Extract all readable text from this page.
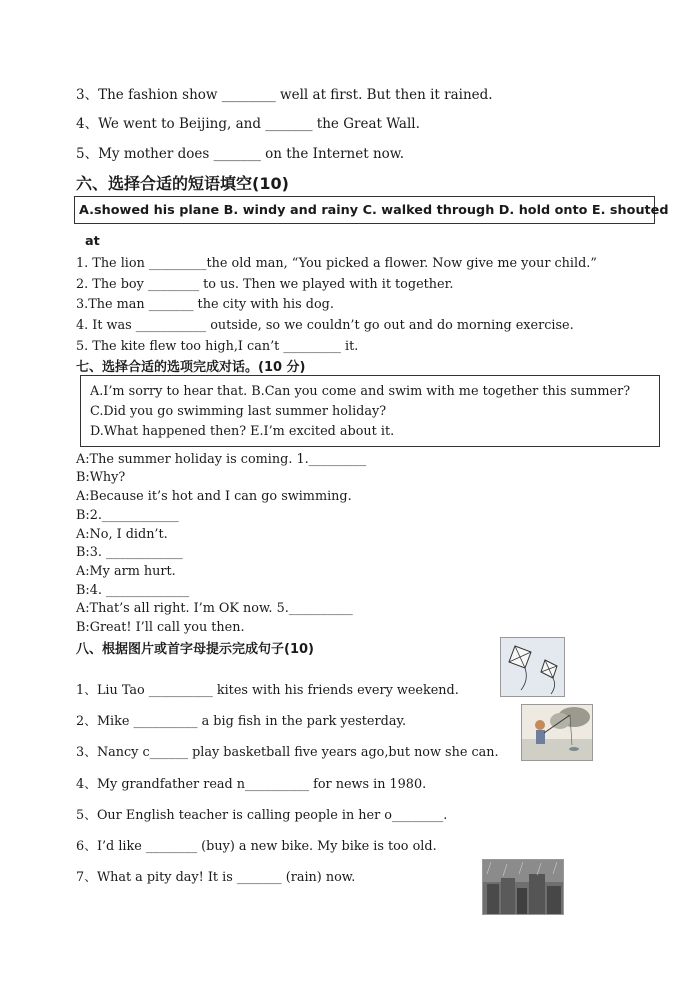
3、The fashion show ________ well at first. But then it rained.
4、We went to Beijing, and _______ the Great Wall.
5、My mother does _______ on the Internet now.
六、选择合适的短语填空(10)
A.showed his plane B. windy and rainy C. walked through D. hold onto E. shouted
at
1. The lion _________the old man, “You picked a flower. Now give me your child.”
2. The boy ________ to us. Then we played with it together.
3.The man _______ the city with his dog.
4. It was ___________ outside, so we couldn’t go out and do morning exercise.
5. The kite flew too high,I can’t _________ it.
七、选择合适的选项完成对话。(10 分)
A.I’m sorry to hear that. B.Can you come and swim with me together this summer?
C.Did you go swimming last summer holiday?
D.What happened then? E.I’m excited about it.
A:The summer holiday is coming. 1._________
B:Why?
A:Because it’s hot and I can go swimming.
B:2.____________
A:No, I didn’t.
B:3. ____________
A:My arm hurt.
B:4. _____________
A:That’s all right. I’m OK now. 5.__________
B:Great! I’ll call you then.
八、根据图片或首字母提示完成句子(10)
1、Liu Tao __________ kites with his friends every weekend.
2、Mike __________ a big fish in the park yesterday.
3、Nancy c______ play basketball five years ago,but now she can.
4、My grandfather read n__________ for news in 1980.
5、Our English teacher is calling people in her o________.
6、I’d like ________ (buy) a new bike. My bike is too old.
7、What a pity day! It is _______ (rain) now.
